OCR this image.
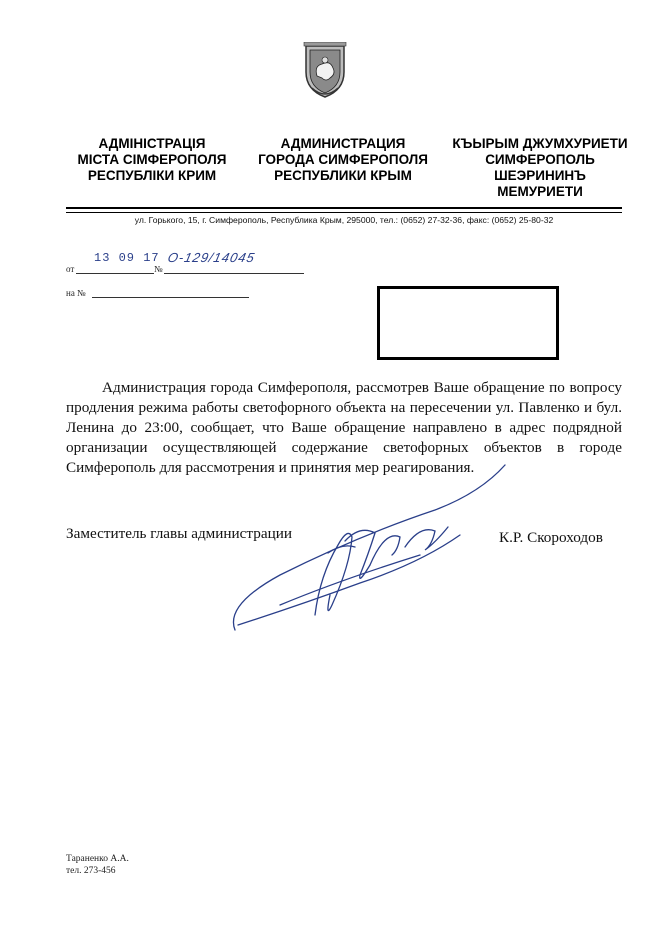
АДМІНІСТРАЦІЯ
МІСТА СІМФЕРОПОЛЯ
РЕСПУБЛІКИ КРИМ
АДМИНИСТРАЦИЯ
ГОРОДА СИМФЕРОПОЛЯ
РЕСПУБЛИКИ КРЫМ
КЪЫРЫМ ДЖУМХУРИЕТИ
СИМФЕРОПОЛЬ
ШЕЭРИНИНЪ
МЕМУРИЕТИ
ул. Горького, 15, г. Симферополь, Республика Крым, 295000, тел.: (0652) 27-32-36, факс: (0652) 25-80-32
от
13 09 17
№
О-129/14045
на №
Администрация города Симферополя, рассмотрев Ваше обращение по вопросу продления режима работы светофорного объекта на пересечении ул. Павленко и бул. Ленина до 23:00, сообщает, что Ваше обращение направлено в адрес подрядной организации осуществляющей содержание светофорных объектов в городе Симферополь для рассмотрения и принятия мер реагирования.
Заместитель главы администрации	К.Р. Скороходов
Тараненко А.А.
тел. 273-456
